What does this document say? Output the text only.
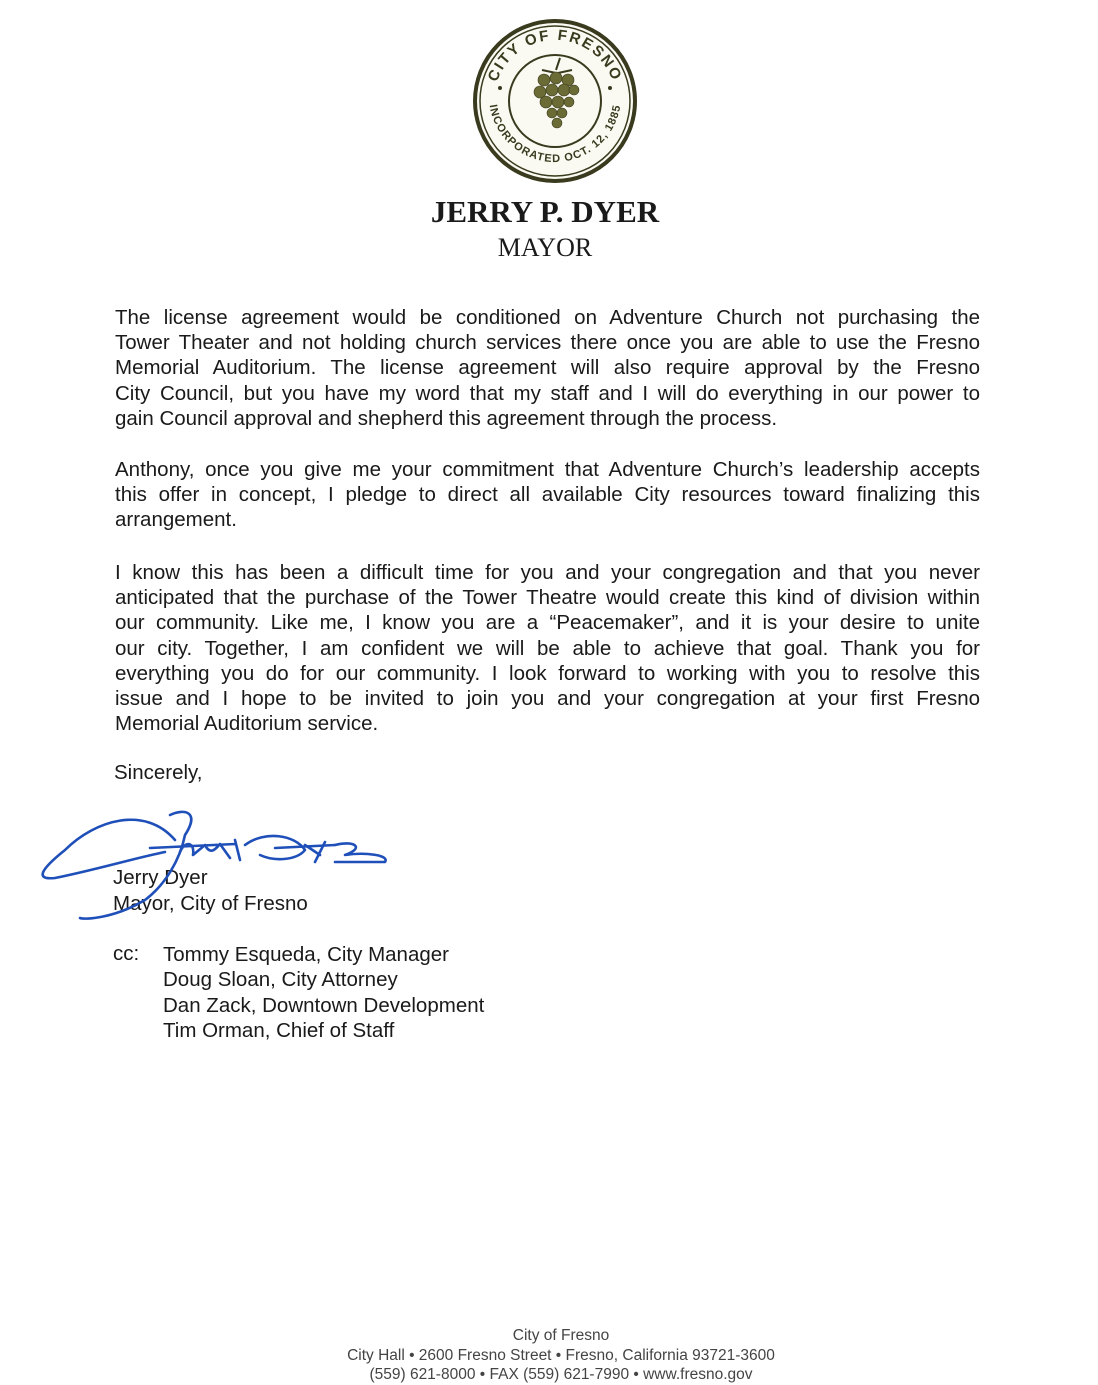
CITY OF FRESNO
INCORPORATED OCT. 12, 1885
JERRY P. DYER
MAYOR
The license agreement would be conditioned on Adventure Church not purchasing the
Tower Theater and not holding church services there once you are able to use the Fresno
Memorial Auditorium. The license agreement will also require approval by the Fresno
City Council, but you have my word that my staff and I will do everything in our power to
gain Council approval and shepherd this agreement through the process.
Anthony, once you give me your commitment that Adventure Church’s leadership accepts
this offer in concept, I pledge to direct all available City resources toward finalizing this
arrangement.
I know this has been a difficult time for you and your congregation and that you never
anticipated that the purchase of the Tower Theatre would create this kind of division within
our community. Like me, I know you are a “Peacemaker”, and it is your desire to unite
our city. Together, I am confident we will be able to achieve that goal. Thank you for
everything you do for our community. I look forward to working with you to resolve this
issue and I hope to be invited to join you and your congregation at your first Fresno
Memorial Auditorium service.
Sincerely,
Jerry Dyer
Mayor, City of Fresno
cc: Tommy Esqueda, City Manager
Doug Sloan, City Attorney
Dan Zack, Downtown Development
Tim Orman, Chief of Staff
City of Fresno
City Hall • 2600 Fresno Street • Fresno, California 93721-3600
(559) 621-8000 • FAX (559) 621-7990 • www.fresno.gov
